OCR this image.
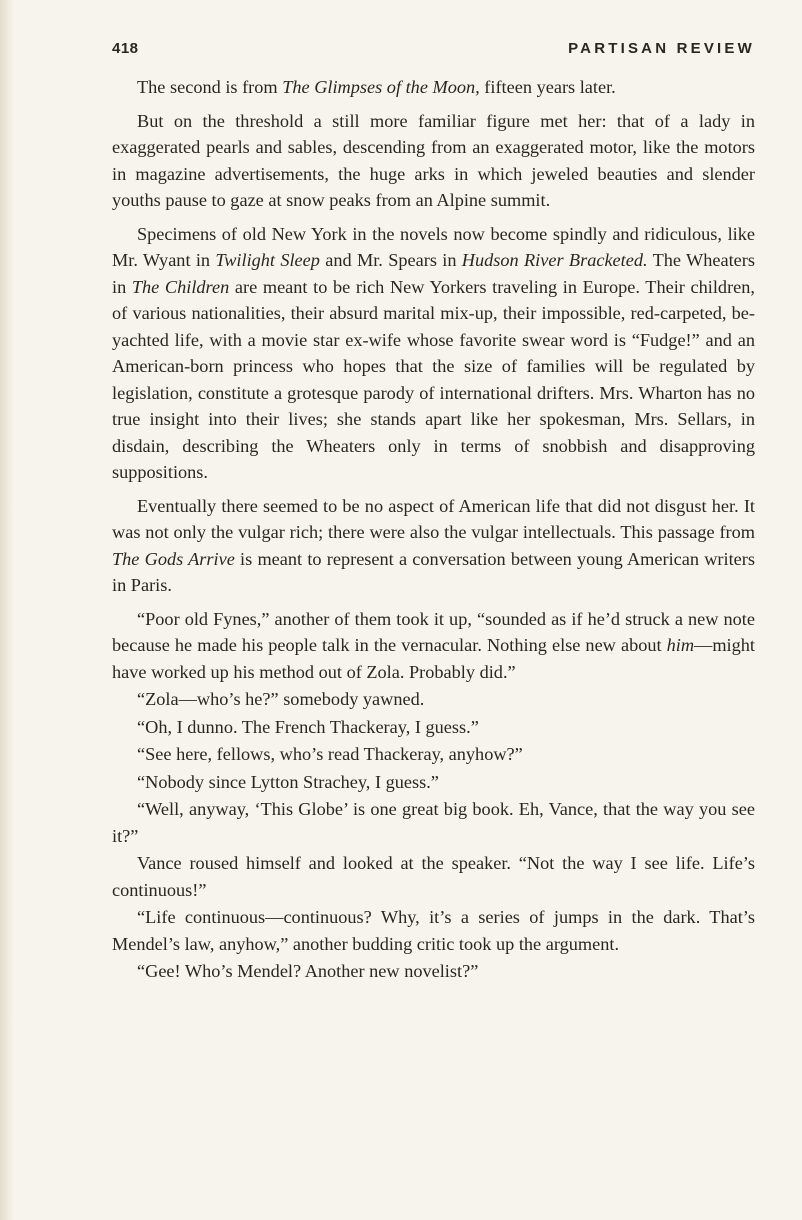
418	PARTISAN REVIEW

The second is from The Glimpses of the Moon, fifteen years later.

But on the threshold a still more familiar figure met her: that of a lady in exaggerated pearls and sables, descending from an exaggerated motor, like the motors in magazine advertisements, the huge arks in which jeweled beauties and slender youths pause to gaze at snow peaks from an Alpine summit.

Specimens of old New York in the novels now become spindly and ridiculous, like Mr. Wyant in Twilight Sleep and Mr. Spears in Hudson River Bracketed. The Wheaters in The Children are meant to be rich New Yorkers traveling in Europe. Their children, of various nationalities, their absurd marital mix-up, their impossible, red-carpeted, be-yachted life, with a movie star ex-wife whose favorite swear word is “Fudge!” and an American-born princess who hopes that the size of families will be regulated by legislation, constitute a grotesque parody of international drifters. Mrs. Wharton has no true insight into their lives; she stands apart like her spokesman, Mrs. Sellars, in disdain, describing the Wheaters only in terms of snobbish and disapproving suppositions.

Eventually there seemed to be no aspect of American life that did not disgust her. It was not only the vulgar rich; there were also the vulgar intellectuals. This passage from The Gods Arrive is meant to represent a conversation between young American writers in Paris.

“Poor old Fynes,” another of them took it up, “sounded as if he’d struck a new note because he made his people talk in the vernacular. Nothing else new about him—might have worked up his method out of Zola. Probably did.”

“Zola—who’s he?” somebody yawned.

“Oh, I dunno. The French Thackeray, I guess.”

“See here, fellows, who’s read Thackeray, anyhow?”

“Nobody since Lytton Strachey, I guess.”

“Well, anyway, ‘This Globe’ is one great big book. Eh, Vance, that the way you see it?”

Vance roused himself and looked at the speaker. “Not the way I see life. Life’s continuous!”

“Life continuous—continuous? Why, it’s a series of jumps in the dark. That’s Mendel’s law, anyhow,” another budding critic took up the argument.

“Gee! Who’s Mendel? Another new novelist?”
